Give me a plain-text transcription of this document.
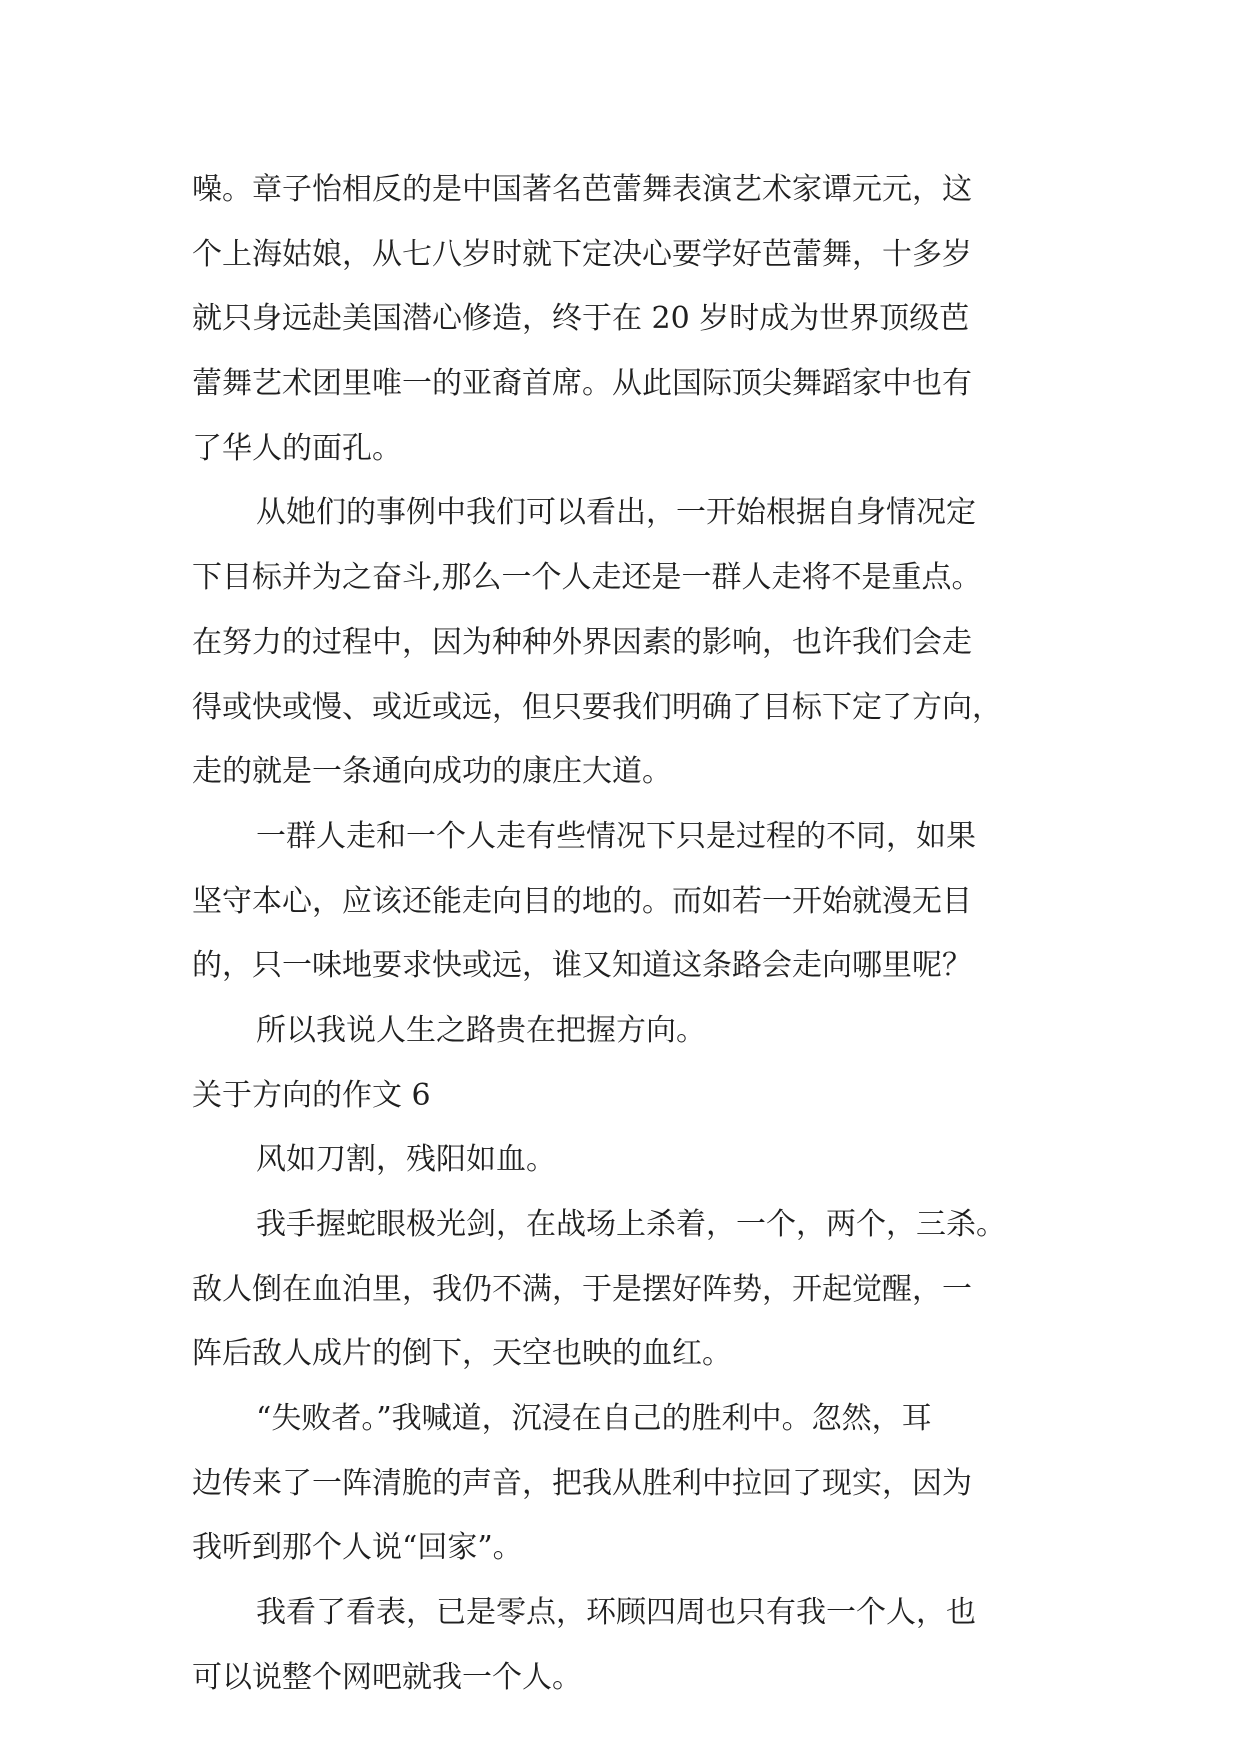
噪。章子怡相反的是中国著名芭蕾舞表演艺术家谭元元，这
个上海姑娘，从七八岁时就下定决心要学好芭蕾舞，十多岁
就只身远赴美国潜心修造，终于在 20 岁时成为世界顶级芭
蕾舞艺术团里唯一的亚裔首席。从此国际顶尖舞蹈家中也有
了华人的面孔。
从她们的事例中我们可以看出，一开始根据自身情况定
下目标并为之奋斗,那么一个人走还是一群人走将不是重点。
在努力的过程中，因为种种外界因素的影响，也许我们会走
得或快或慢、或近或远，但只要我们明确了目标下定了方向，
走的就是一条通向成功的康庄大道。
一群人走和一个人走有些情况下只是过程的不同，如果
坚守本心，应该还能走向目的地的。而如若一开始就漫无目
的，只一味地要求快或远，谁又知道这条路会走向哪里呢？
所以我说人生之路贵在把握方向。
关于方向的作文 6
风如刀割，残阳如血。
我手握蛇眼极光剑，在战场上杀着，一个，两个，三杀。
敌人倒在血泊里，我仍不满，于是摆好阵势，开起觉醒，一
阵后敌人成片的倒下，天空也映的血红。
“失败者。”我喊道，沉浸在自己的胜利中。忽然，耳
边传来了一阵清脆的声音，把我从胜利中拉回了现实，因为
我听到那个人说“回家”。
我看了看表，已是零点，环顾四周也只有我一个人，也
可以说整个网吧就我一个人。
